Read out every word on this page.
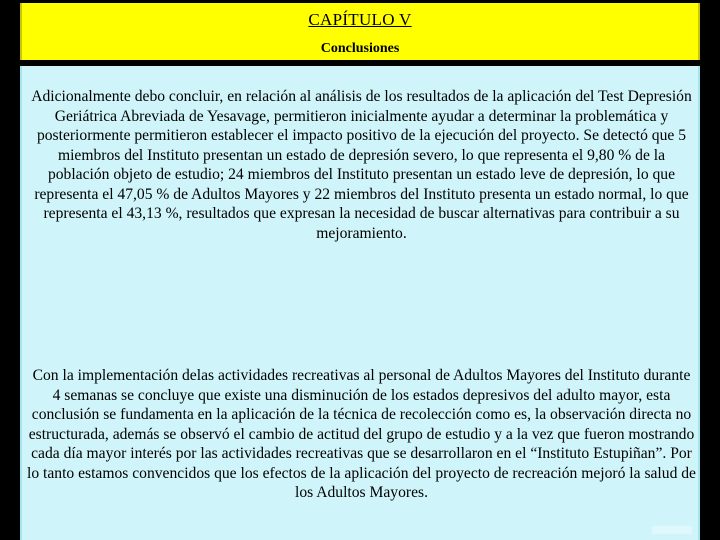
CAPÍTULO V
Conclusiones

Adicionalmente debo concluir, en relación al análisis de los resultados de la aplicación del Test Depresión Geriátrica Abreviada de Yesavage, permitieron inicialmente ayudar a determinar la problemática y posteriormente permitieron establecer el impacto positivo de la ejecución del proyecto. Se detectó que 5 miembros del Instituto presentan un estado de depresión severo, lo que representa el 9,80 % de la población objeto de estudio; 24 miembros del Instituto presentan un estado leve de depresión, lo que representa el 47,05 % de Adultos Mayores y 22 miembros del Instituto presenta un estado normal, lo que representa el 43,13 %, resultados que expresan la necesidad de buscar alternativas para contribuir a su mejoramiento.

Con la implementación delas actividades recreativas al personal de Adultos Mayores del Instituto durante 4 semanas se concluye que existe una disminución de los estados depresivos del adulto mayor, esta conclusión se fundamenta en la aplicación de la técnica de recolección como es, la observación directa no estructurada, además se observó el cambio de actitud del grupo de estudio y a la vez que fueron mostrando cada día mayor interés por las actividades recreativas que se desarrollaron en el “Instituto Estupiñan”. Por lo tanto estamos convencidos que los efectos de la aplicación del proyecto de recreación mejoró la salud de los Adultos Mayores.
